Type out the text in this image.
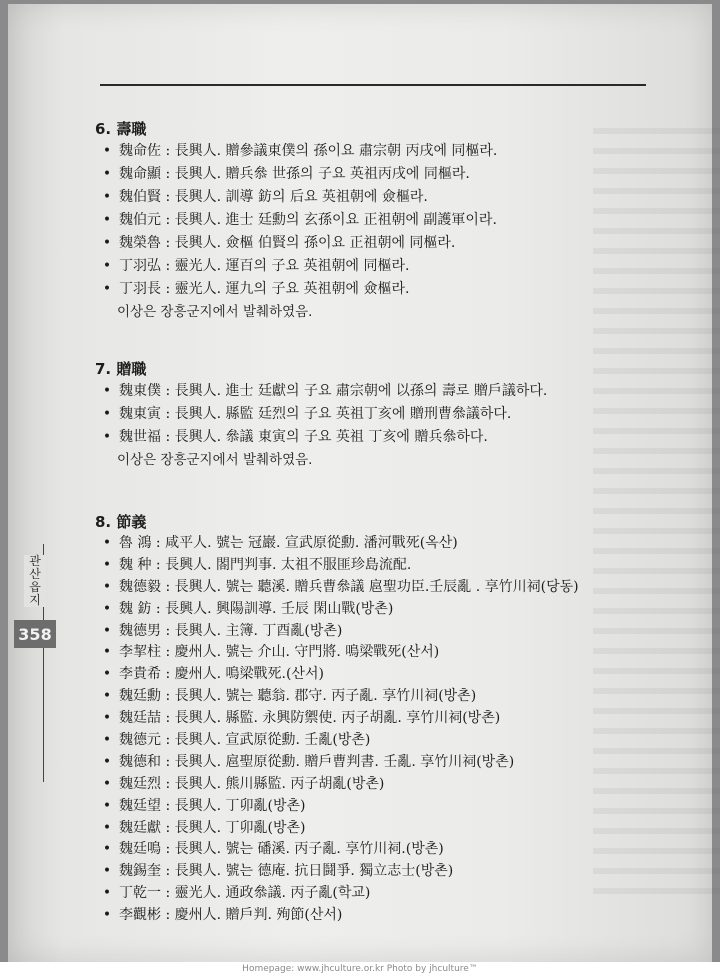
관산읍지
358
6. 壽職
• 魏命佐 : 長興人. 贈參議東僕의 孫이요 肅宗朝 丙戌에 同樞라.
• 魏命顯 : 長興人. 贈兵叅 世孫의 子요 英祖丙戌에 同樞라.
• 魏伯賢 : 長興人. 訓導 鈁의 后요 英祖朝에 僉樞라.
• 魏伯元 : 長興人. 進士 廷勳의 玄孫이요 正祖朝에 副護軍이라.
• 魏榮魯 : 長興人. 僉樞 伯賢의 孫이요 正祖朝에 同樞라.
• 丁羽弘 : 靈光人. 運百의 子요 英祖朝에 同樞라.
• 丁羽長 : 靈光人. 運九의 子요 英祖朝에 僉樞라.
이상은 장흥군지에서 발췌하였음.
7. 贈職
• 魏東僕 : 長興人. 進士 廷獻의 子요 肅宗朝에 以孫의 壽로 贈戶議하다.
• 魏東寅 : 長興人. 縣監 廷烈의 子요 英祖丁亥에 贈刑曹叅議하다.
• 魏世福 : 長興人. 叅議 東寅의 子요 英祖 丁亥에 贈兵叅하다.
이상은 장흥군지에서 발췌하였음.
8. 節義
• 魯 鴻 : 咸平人. 號는 冠巖. 宣武原從勳. 潘河戰死(옥산)
• 魏 种 : 長興人. 閤門判事. 太祖不服匪珍島流配.
• 魏德毅 : 長興人. 號는 聽溪. 贈兵曹叅議 扈聖功臣.壬辰亂 . 享竹川祠(당동)
• 魏 鈁 : 長興人. 興陽訓導. 壬辰 閑山戰(방촌)
• 魏德男 : 長興人. 主簿. 丁酉亂(방촌)
• 李挈柱 : 慶州人. 號는 介山. 守門將. 鳴梁戰死(산서)
• 李貴希 : 慶州人. 鳴梁戰死.(산서)
• 魏廷勳 : 長興人. 號는 聽翁. 郡守. 丙子亂. 享竹川祠(방촌)
• 魏廷喆 : 長興人. 縣監. 永興防禦使. 丙子胡亂. 享竹川祠(방촌)
• 魏德元 : 長興人. 宣武原從勳. 壬亂(방촌)
• 魏德和 : 長興人. 扈聖原從勳. 贈戶曹判書. 壬亂. 享竹川祠(방촌)
• 魏廷烈 : 長興人. 熊川縣監. 丙子胡亂(방촌)
• 魏廷望 : 長興人. 丁卯亂(방촌)
• 魏廷獻 : 長興人. 丁卯亂(방촌)
• 魏廷鳴 : 長興人. 號는 磻溪. 丙子亂. 享竹川祠.(방촌)
• 魏錫奎 : 長興人. 號는 德庵. 抗日鬪爭. 獨立志士(방촌)
• 丁乾一 : 靈光人. 通政叅議. 丙子亂(학교)
• 李觀彬 : 慶州人. 贈戶判. 殉節(산서)
Homepage: www.jhculture.or.kr Photo by jhculture™
